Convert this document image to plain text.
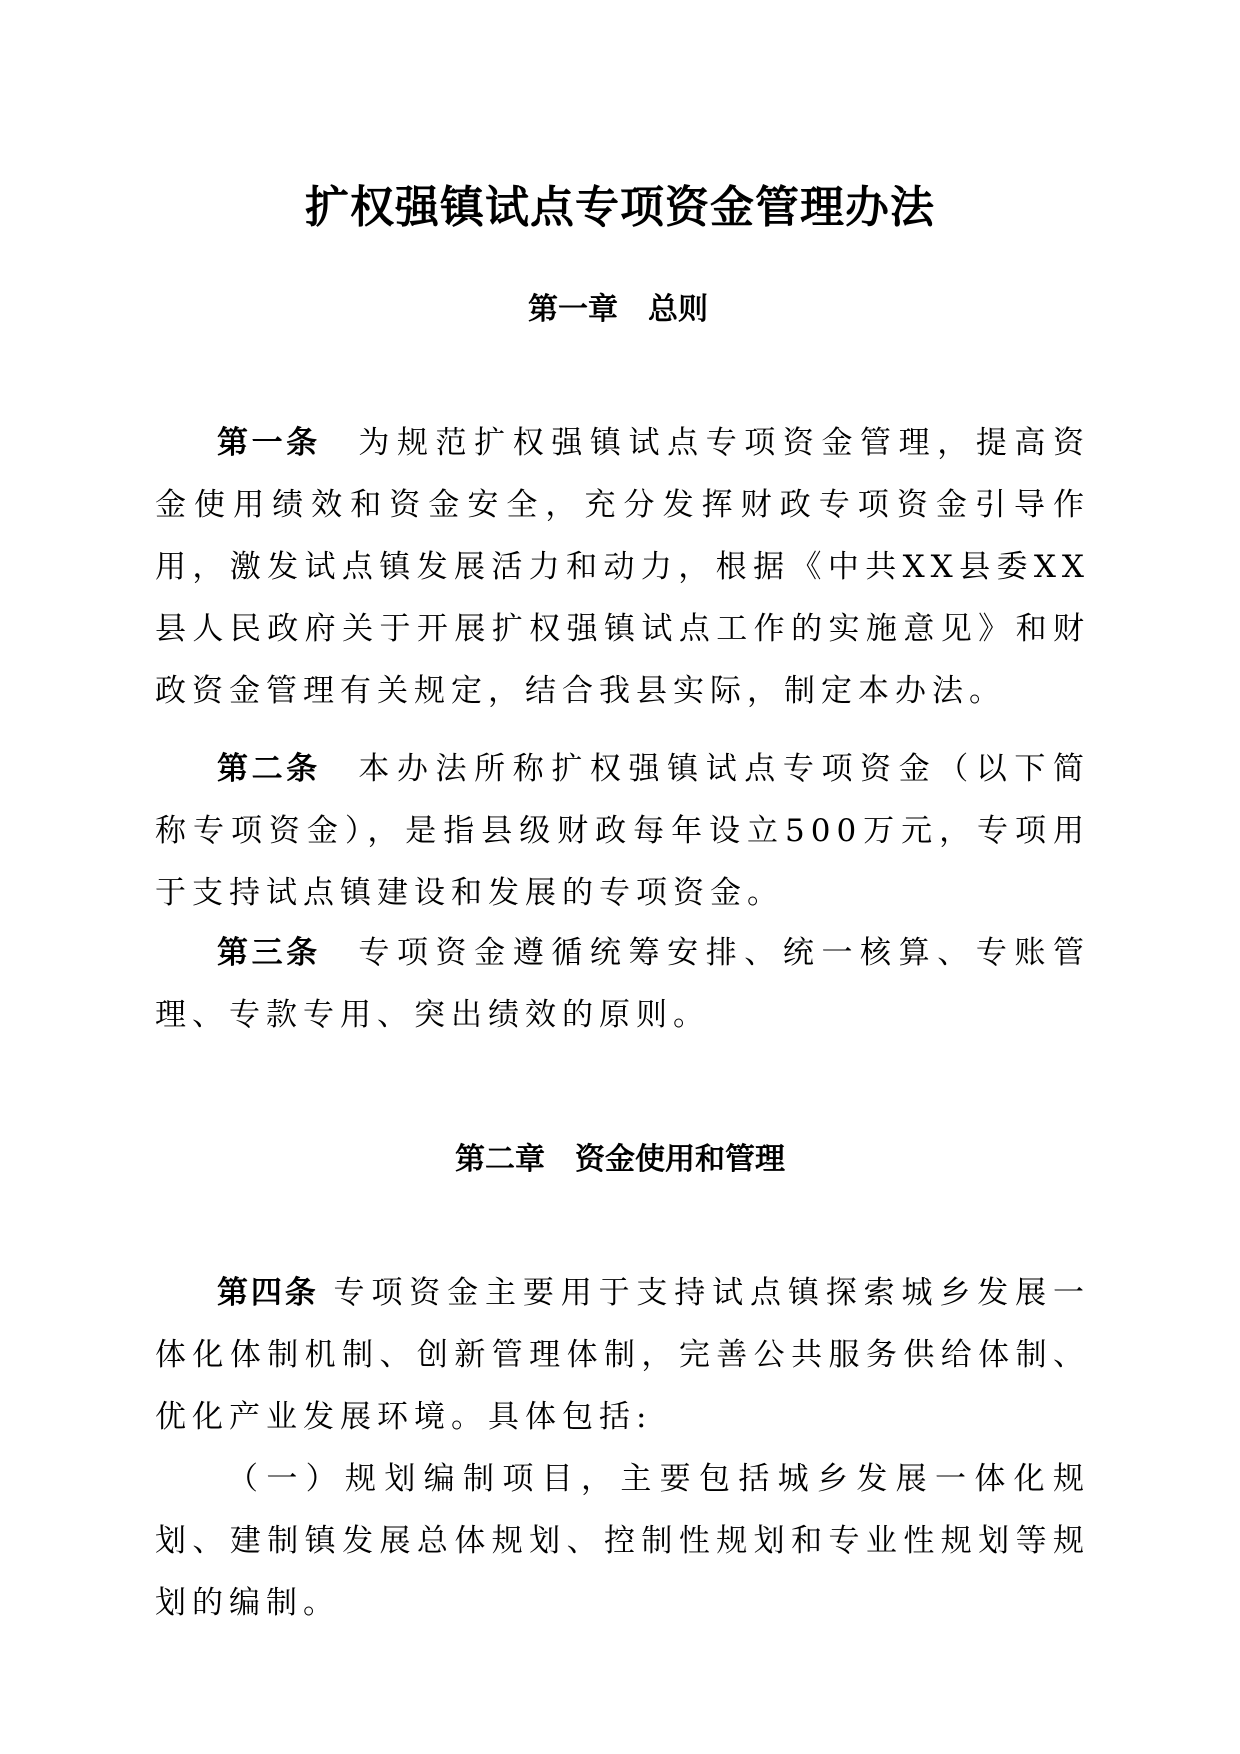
扩权强镇试点专项资金管理办法
第一章　总则

第一条 为规范扩权强镇试点专项资金管理，提高资金使用绩效和资金安全，充分发挥财政专项资金引导作用，激发试点镇发展活力和动力，根据《中共XX县委XX县人民政府关于开展扩权强镇试点工作的实施意见》和财政资金管理有关规定，结合我县实际，制定本办法。

第二条 本办法所称扩权强镇试点专项资金（以下简称专项资金），是指县级财政每年设立500万元，专项用于支持试点镇建设和发展的专项资金。

第三条 专项资金遵循统筹安排、统一核算、专账管理、专款专用、突出绩效的原则。

第二章　资金使用和管理

第四条 专项资金主要用于支持试点镇探索城乡发展一体化体制机制、创新管理体制，完善公共服务供给体制、优化产业发展环境。具体包括:

（一）规划编制项目，主要包括城乡发展一体化规划、建制镇发展总体规划、控制性规划和专业性规划等规划的编制。
